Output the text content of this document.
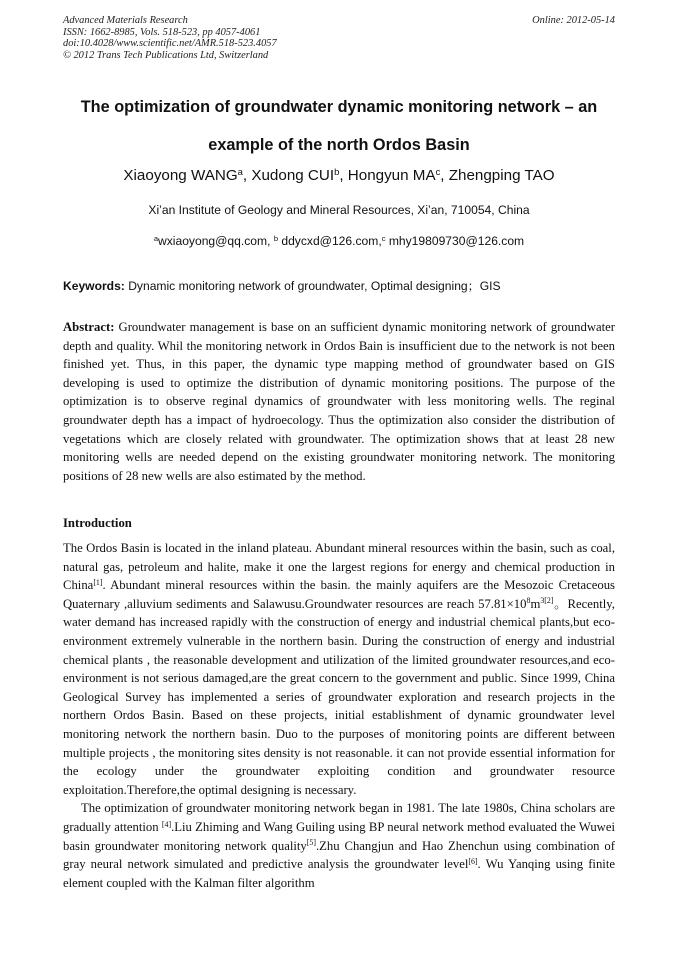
Advanced Materials Research
ISSN: 1662-8985, Vols. 518-523, pp 4057-4061
doi:10.4028/www.scientific.net/AMR.518-523.4057
© 2012 Trans Tech Publications Ltd, Switzerland
Online: 2012-05-14
The optimization of groundwater dynamic monitoring network – an
example of the north Ordos Basin
Xiaoyong WANG$^a$, Xudong CUI$^b$, Hongyun $MA^c$, Zhengping TAO
Xi’an Institute of Geology and Mineral Resources, Xi’an, 710054, China
$^a$wxiaoyong@qq.com, $^b$ ddycxd@126.com,$^c$ mhy19809730@126.com
Keywords: Dynamic monitoring network of groundwater, Optimal designing；GIS
Abstract: Groundwater management is base on an sufficient dynamic monitoring network of groundwater depth and quality. Whil the monitoring network in Ordos Bain is insufficient due to the network is not been finished yet. Thus, in this paper, the dynamic type mapping method of groundwater based on GIS developing is used to optimize the distribution of dynamic monitoring positions. The purpose of the optimization is to observe reginal dynamics of groundwater with less monitoring wells. The reginal groundwater depth has a impact of hydroecology. Thus the optimization also consider the distribution of vegetations which are closely related with groundwater. The optimization shows that at least 28 new monitoring wells are needed depend on the existing groundwater monitoring network. The monitoring positions of 28 new wells are also estimated by the method.
Introduction

The Ordos Basin is located in the inland plateau. Abundant mineral resources within the basin, such as coal, natural gas, petroleum and halite, make it one the largest regions for energy and chemical production in China[1]. Abundant mineral resources within the basin. the mainly aquifers are the Mesozoic Cretaceous Quaternary ,alluvium sediments and Salawusu.Groundwater resources are reach $57.81\times 10^8m^{3[2]}$。Recently, water demand has increased rapidly with the construction of energy and industrial chemical plants,but eco-environment extremely vulnerable in the northern basin. During the construction of energy and industrial chemical plants , the reasonable development and utilization of the limited groundwater resources,and eco-environment is not serious damaged,are the great concern to the government and public. Since 1999, China Geological Survey has implemented a series of groundwater exploration and research projects in the northern Ordos Basin. Based on these projects, initial establishment of dynamic groundwater level monitoring network the northern basin. Duo to the purposes of monitoring points are different between multiple projects , the monitoring sites density is not reasonable. it can not provide essential information for the ecology under the groundwater exploiting condition and groundwater resource exploitation.Therefore,the optimal designing is necessary.

The optimization of groundwater monitoring network began in 1981. The late 1980s, China scholars are gradually attention [4].Liu Zhiming and Wang Guiling using BP neural network method evaluated the Wuwei basin groundwater monitoring network quality[5].Zhu Changjun and Hao Zhenchun using combination of gray neural network simulated and predictive analysis the groundwater level[6]. Wu Yanqing using finite element coupled with the Kalman filter algorithm
